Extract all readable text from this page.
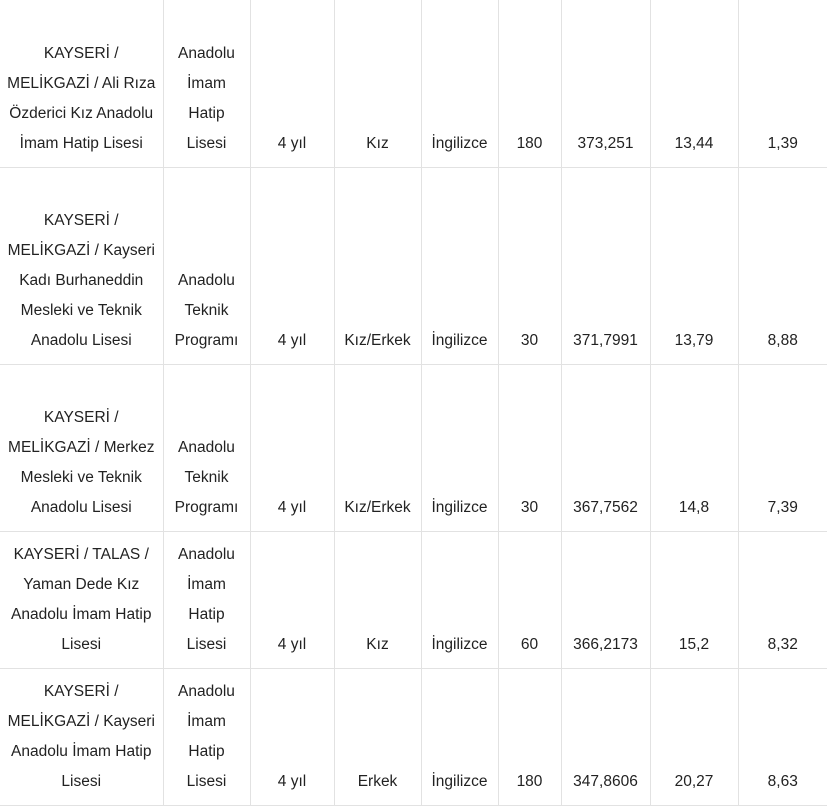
KAYSERİ / MELİKGAZİ / Ali Rıza Özderici Kız Anadolu İmam Hatip Lisesi	Anadolu İmam Hatip Lisesi	4 yıl	Kız	İngilizce	180	373,251	13,44	1,39
KAYSERİ / MELİKGAZİ / Kayseri Kadı Burhaneddin Mesleki ve Teknik Anadolu Lisesi	Anadolu Teknik Programı	4 yıl	Kız/Erkek	İngilizce	30	371,7991	13,79	8,88
KAYSERİ / MELİKGAZİ / Merkez Mesleki ve Teknik Anadolu Lisesi	Anadolu Teknik Programı	4 yıl	Kız/Erkek	İngilizce	30	367,7562	14,8	7,39
KAYSERİ / TALAS / Yaman Dede Kız Anadolu İmam Hatip Lisesi	Anadolu İmam Hatip Lisesi	4 yıl	Kız	İngilizce	60	366,2173	15,2	8,32
KAYSERİ / MELİKGAZİ / Kayseri Anadolu İmam Hatip Lisesi	Anadolu İmam Hatip Lisesi	4 yıl	Erkek	İngilizce	180	347,8606	20,27	8,63
